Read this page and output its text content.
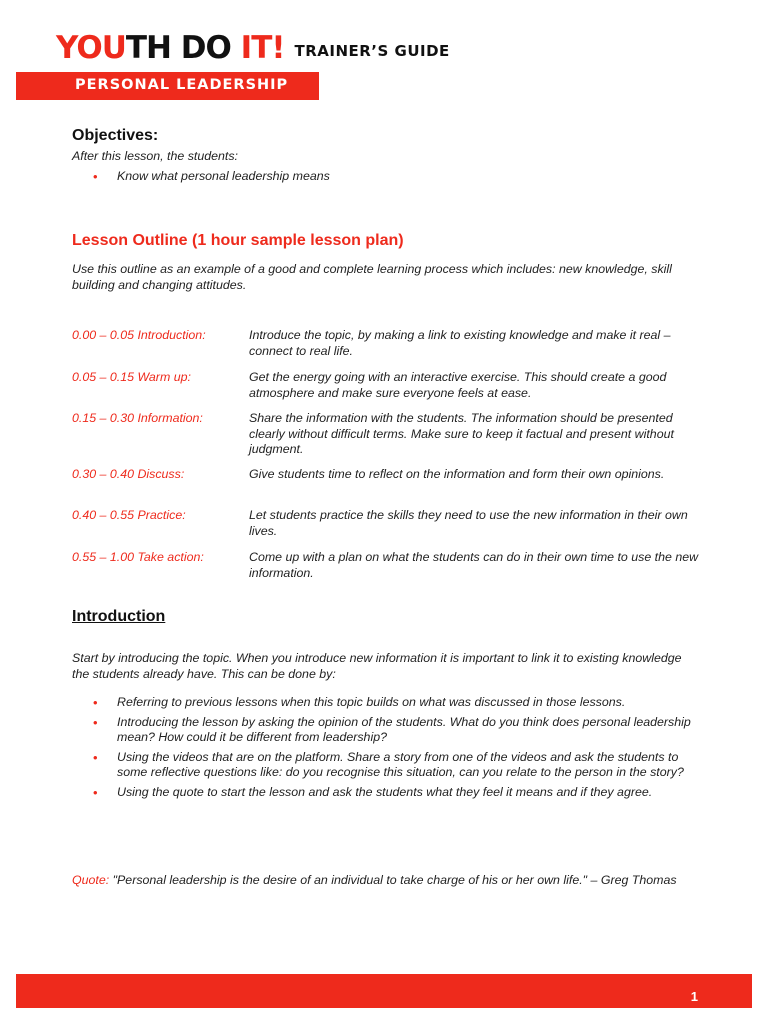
YOUTH DO IT! TRAINER’S GUIDE
PERSONAL LEADERSHIP
Objectives:
After this lesson, the students:
• Know what personal leadership means
Lesson Outline (1 hour sample lesson plan)
Use this outline as an example of a good and complete learning process which includes: new knowledge, skill building and changing attitudes.
0.00 – 0.05 Introduction:	Introduce the topic, by making a link to existing knowledge and make it real – connect to real life.
0.05 – 0.15 Warm up:	Get the energy going with an interactive exercise. This should create a good atmosphere and make sure everyone feels at ease.
0.15 – 0.30 Information:	Share the information with the students. The information should be presented clearly without difficult terms. Make sure to keep it factual and present without judgment.
0.30 – 0.40 Discuss:	Give students time to reflect on the information and form their own opinions.
0.40 – 0.55 Practice:	Let students practice the skills they need to use the new information in their own lives.
0.55 – 1.00 Take action:	Come up with a plan on what the students can do in their own time to use the new information.
Introduction
Start by introducing the topic. When you introduce new information it is important to link it to existing knowledge the students already have. This can be done by:
• Referring to previous lessons when this topic builds on what was discussed in those lessons.
• Introducing the lesson by asking the opinion of the students. What do you think does personal leadership mean? How could it be different from leadership?
• Using the videos that are on the platform. Share a story from one of the videos and ask the students to some reflective questions like: do you recognise this situation, can you relate to the person in the story?
• Using the quote to start the lesson and ask the students what they feel it means and if they agree.
Quote: "Personal leadership is the desire of an individual to take charge of his or her own life." – Greg Thomas
1
